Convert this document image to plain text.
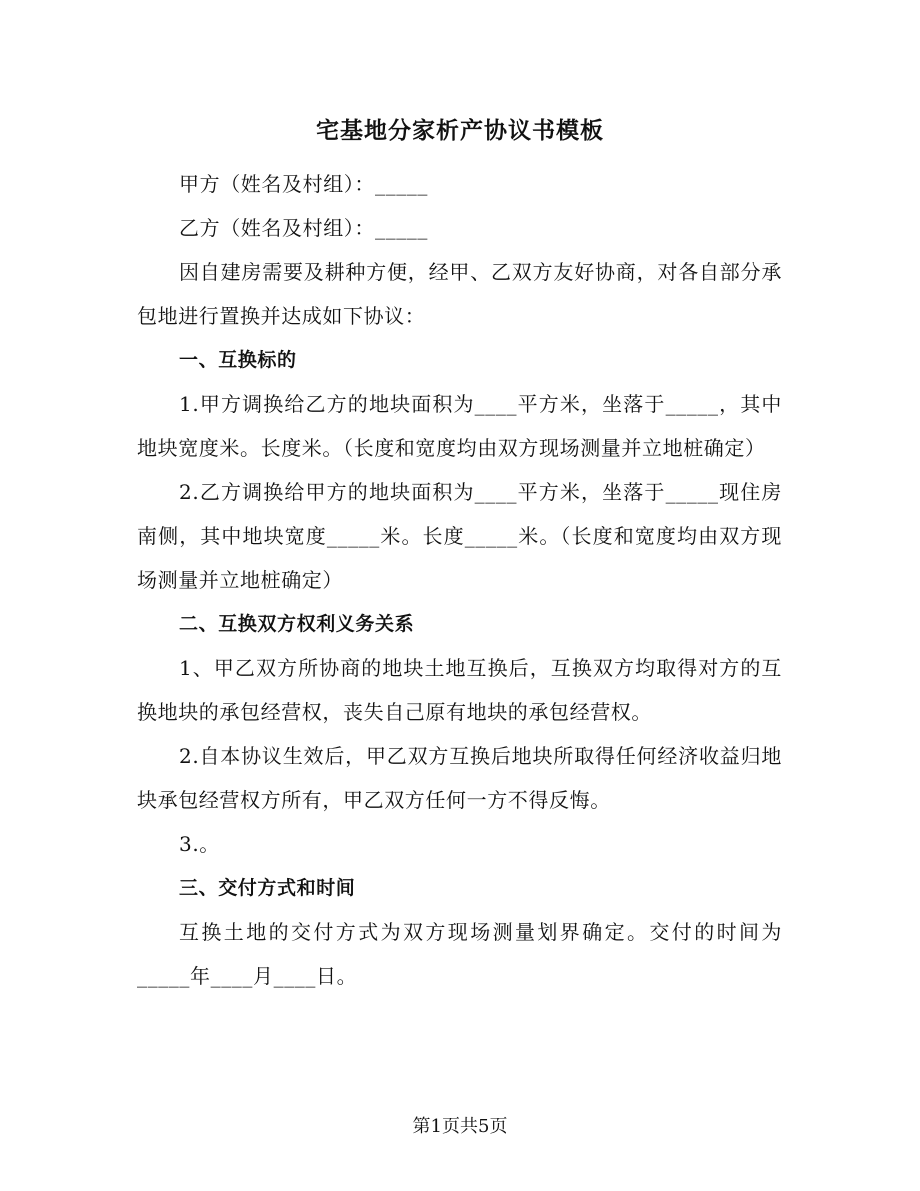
宅基地分家析产协议书模板

甲方（姓名及村组）：_____

乙方（姓名及村组）：_____

因自建房需要及耕种方便，经甲、乙双方友好协商，对各自部分承包地进行置换并达成如下协议：

一、互换标的

1.甲方调换给乙方的地块面积为____平方米，坐落于_____，其中地块宽度米。长度米。（长度和宽度均由双方现场测量并立地桩确定）

2.乙方调换给甲方的地块面积为____平方米，坐落于_____现住房南侧，其中地块宽度_____米。长度_____米。（长度和宽度均由双方现场测量并立地桩确定）

二、互换双方权利义务关系

1、甲乙双方所协商的地块土地互换后，互换双方均取得对方的互换地块的承包经营权，丧失自己原有地块的承包经营权。

2.自本协议生效后，甲乙双方互换后地块所取得任何经济收益归地块承包经营权方所有，甲乙双方任何一方不得反悔。

3.。

三、交付方式和时间

互换土地的交付方式为双方现场测量划界确定。交付的时间为_____年____月____日。

第1页共5页
